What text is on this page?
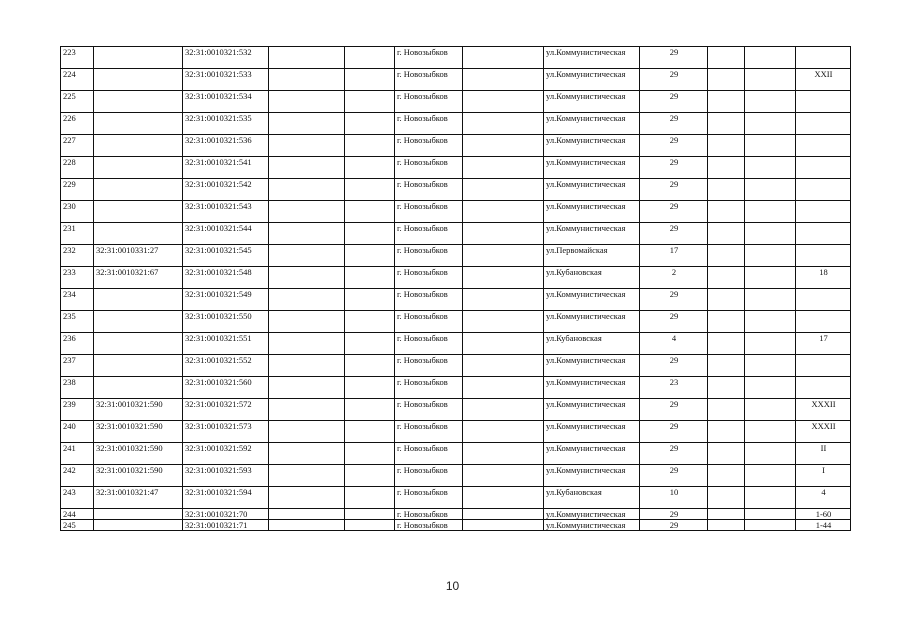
223		32:31:0010321:532			г. Новозыбков		ул.Коммунистическая	29			
224		32:31:0010321:533			г. Новозыбков		ул.Коммунистическая	29			XXII
225		32:31:0010321:534			г. Новозыбков		ул.Коммунистическая	29			
226		32:31:0010321:535			г. Новозыбков		ул.Коммунистическая	29			
227		32:31:0010321:536			г. Новозыбков		ул.Коммунистическая	29			
228		32:31:0010321:541			г. Новозыбков		ул.Коммунистическая	29			
229		32:31:0010321:542			г. Новозыбков		ул.Коммунистическая	29			
230		32:31:0010321:543			г. Новозыбков		ул.Коммунистическая	29			
231		32:31:0010321:544			г. Новозыбков		ул.Коммунистическая	29			
232	32:31:0010331:27	32:31:0010321:545			г. Новозыбков		ул.Первомайская	17			
233	32:31:0010321:67	32:31:0010321:548			г. Новозыбков		ул.Кубановская	2			18
234		32:31:0010321:549			г. Новозыбков		ул.Коммунистическая	29			
235		32:31:0010321:550			г. Новозыбков		ул.Коммунистическая	29			
236		32:31:0010321:551			г. Новозыбков		ул.Кубановская	4			17
237		32:31:0010321:552			г. Новозыбков		ул.Коммунистическая	29			
238		32:31:0010321:560			г. Новозыбков		ул.Коммунистическая	23			
239	32:31:0010321:590	32:31:0010321:572			г. Новозыбков		ул.Коммунистическая	29			XXXII
240	32:31:0010321:590	32:31:0010321:573			г. Новозыбков		ул.Коммунистическая	29			XXXII
241	32:31:0010321:590	32:31:0010321:592			г. Новозыбков		ул.Коммунистическая	29			II
242	32:31:0010321:590	32:31:0010321:593			г. Новозыбков		ул.Коммунистическая	29			I
243	32:31:0010321:47	32:31:0010321:594			г. Новозыбков		ул.Кубановская	10			4
244		32:31:0010321:70			г. Новозыбков		ул.Коммунистическая	29			1-60
245		32:31:0010321:71			г. Новозыбков		ул.Коммунистическая	29			1-44
10
